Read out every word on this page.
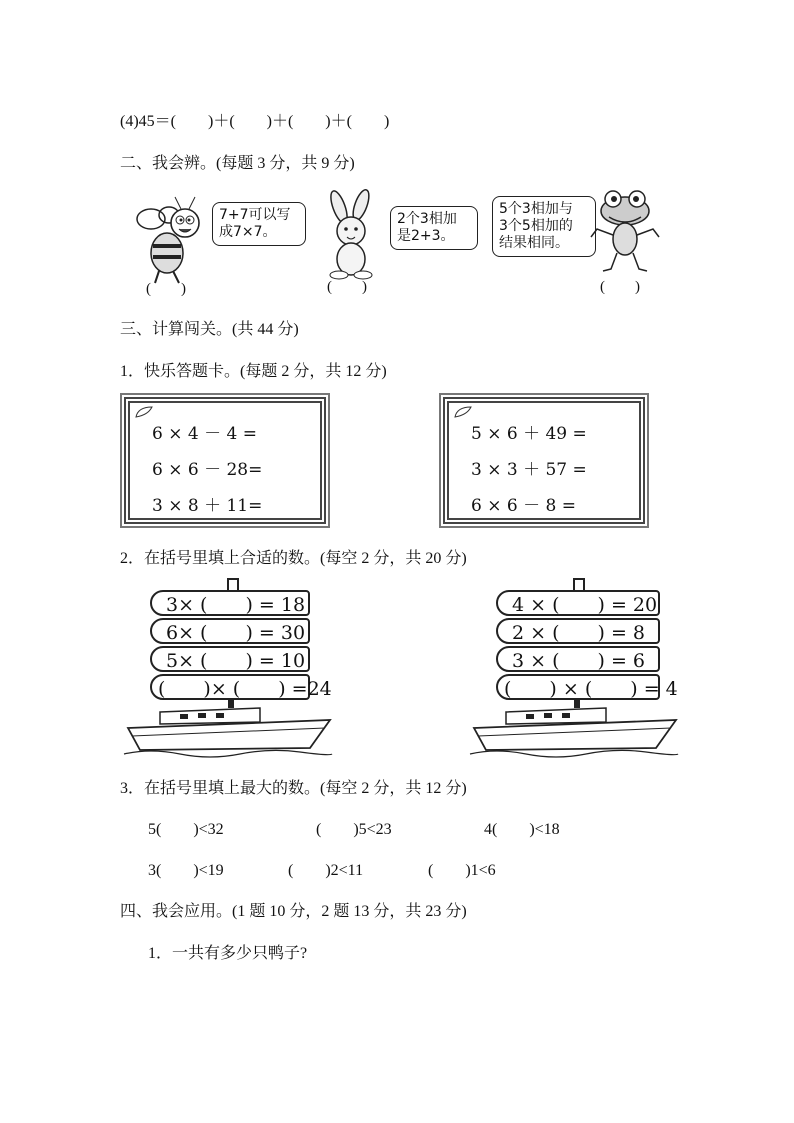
(4)45＝(　　)＋(　　)＋(　　)＋(　　)
二、我会辨。(每题 3 分，共 9 分)
7+7可以写
成7×7。
(　　)
2个3相加
是2+3。
(　　)
5个3相加与
3个5相加的
结果相同。
(　　)
三、计算闯关。(共 44 分)
1．快乐答题卡。(每题 2 分，共 12 分)
6 × 4 － 4 =
6 × 6 － 28=
3 × 8 ＋ 11=
5 × 6 ＋ 49 =
3 × 3 ＋ 57 =
6 × 6 － 8 =
2．在括号里填上合适的数。(每空 2 分，共 20 分)
3× (　　) = 18
6× (　　) = 30
5× (　　) = 10
(　　)× (　　) =24
4 × (　　) = 20
2 × (　　) = 8
3 × (　　) = 6
(　　) × (　　) = 4
3．在括号里填上最大的数。(每空 2 分，共 12 分)
5(　　)<32	(　　)5<23	4(　　)<18
3(　　)<19	(　　)2<11	(　　)1<6
四、我会应用。(1 题 10 分，2 题 13 分，共 23 分)
1．一共有多少只鸭子?
